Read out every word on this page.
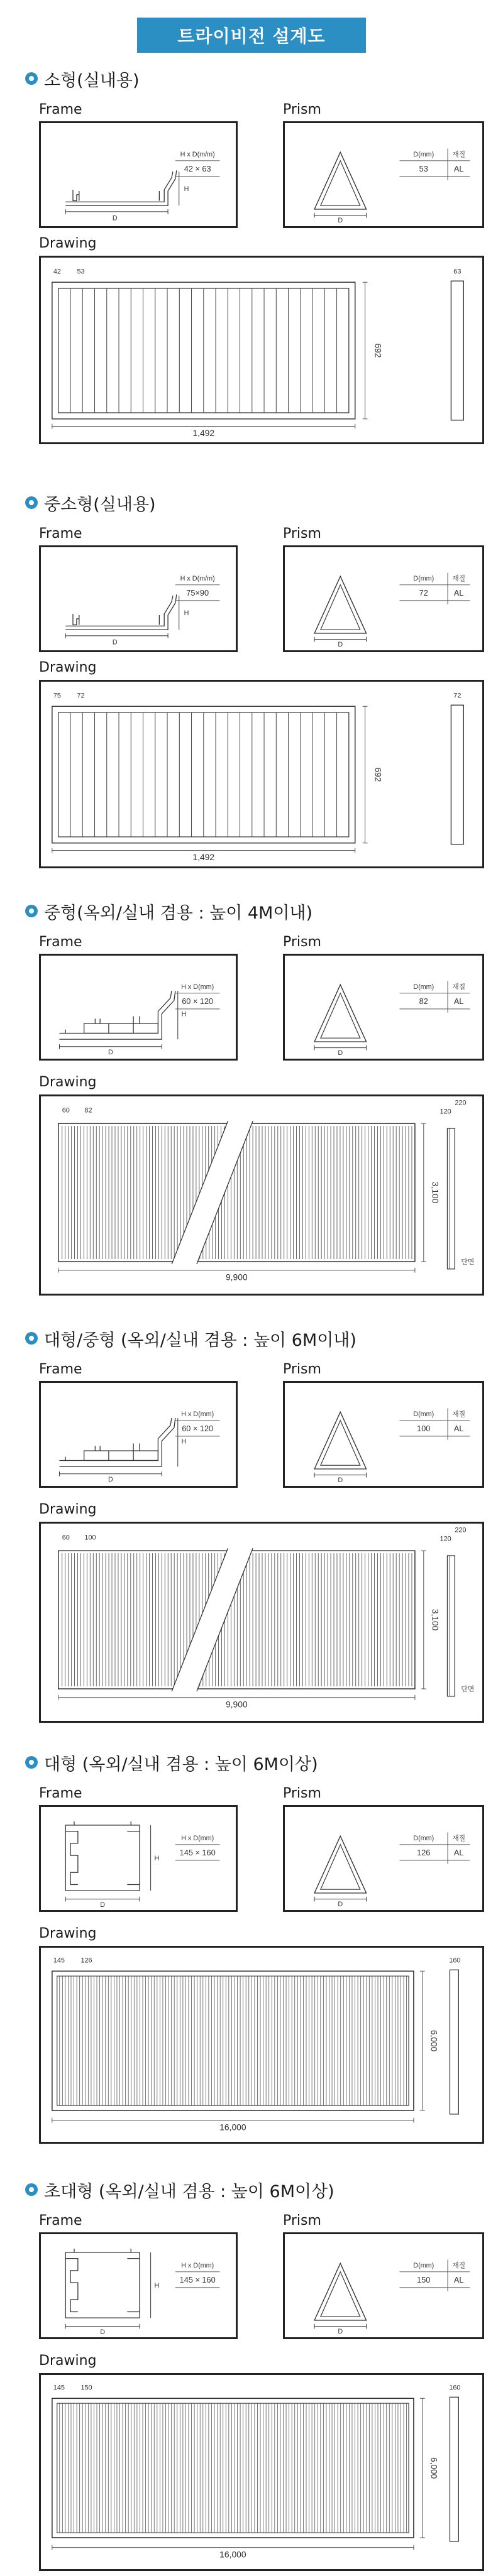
트라이비전 설계도
소형(실내용)
Frame	Prism
Drawing
D
H
H x D(m/m)
42 × 63
D
D(mm)	재질
53	AL
42 53
1,492
692
63
중소형(실내용)
Frame	Prism
Drawing
D
H
H x D(m/m)
75×90
D
D(mm)	재질
72	AL
75 72
1,492
692
72
중형(옥외/실내 겸용 : 높이 4M이내)
Frame	Prism
Drawing
D
H
H x D(mm)
60 × 120
D
D(mm)	재질
82	AL
60 82
9,900
3,100
220
120
단면
대형/중형 (옥외/실내 겸용 : 높이 6M이내)
Frame	Prism
Drawing
D
H
H x D(mm)
60 × 120
D
D(mm)	재질
100	AL
60 100
9,900
3,100
220
120
단면
대형 (옥외/실내 겸용 : 높이 6M이상)
Frame	Prism
Drawing
D
H
H x D(mm)
145 × 160
D
D(mm)	재질
126	AL
145 126
16,000
6,000
160
초대형 (옥외/실내 겸용 : 높이 6M이상)
Frame	Prism
Drawing
D
H
H x D(mm)
145 × 160
D
D(mm)	재질
150	AL
145 150
16,000
6,000
160
